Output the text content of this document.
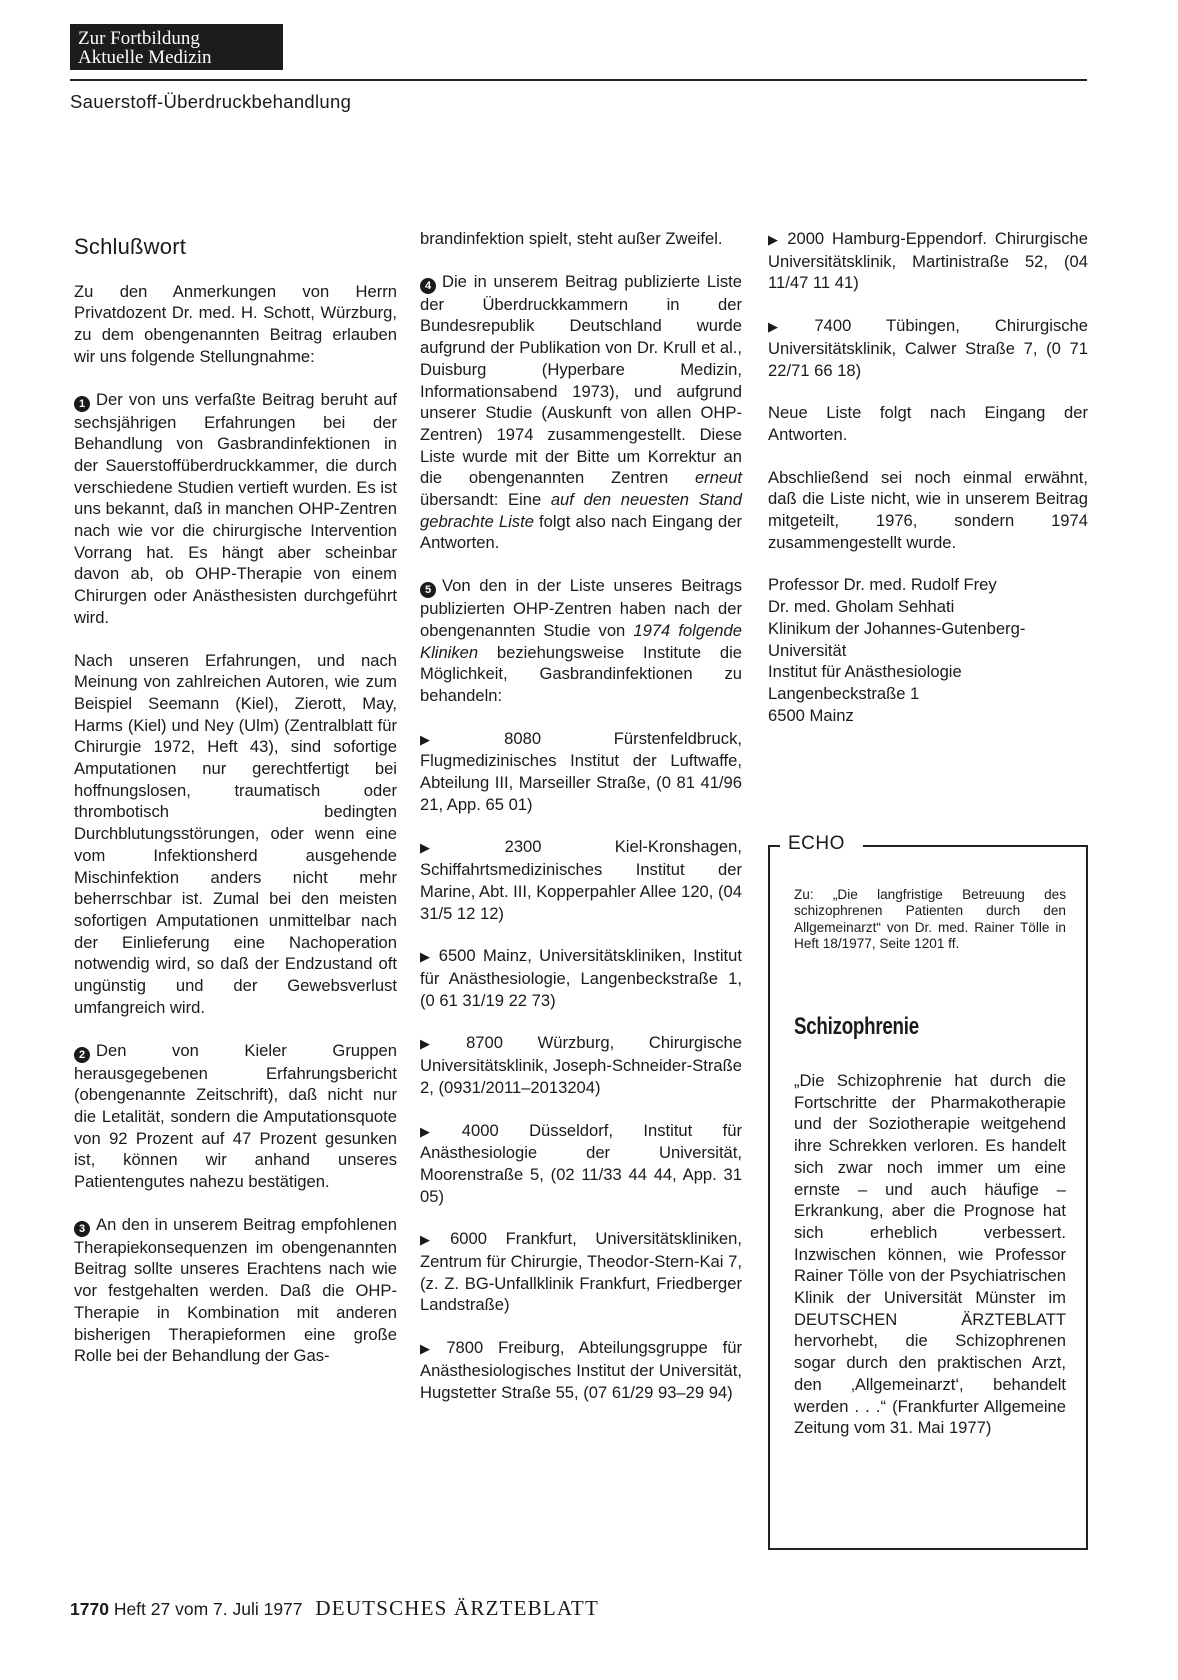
Zur Fortbildung
Aktuelle Medizin
Sauerstoff-Überdruckbehandlung
Schlußwort

Zu den Anmerkungen von Herrn Privatdozent Dr. med. H. Schott, Würzburg, zu dem obengenannten Beitrag erlauben wir uns folgende Stellungnahme:

1 Der von uns verfaßte Beitrag beruht auf sechsjährigen Erfahrungen bei der Behandlung von Gasbrandinfektionen in der Sauerstoffüberdruckkammer, die durch verschiedene Studien vertieft wurden. Es ist uns bekannt, daß in manchen OHP-Zentren nach wie vor die chirurgische Intervention Vorrang hat. Es hängt aber scheinbar davon ab, ob OHP-Therapie von einem Chirurgen oder Anästhesisten durchgeführt wird.

Nach unseren Erfahrungen, und nach Meinung von zahlreichen Autoren, wie zum Beispiel Seemann (Kiel), Zierott, May, Harms (Kiel) und Ney (Ulm) (Zentralblatt für Chirurgie 1972, Heft 43), sind sofortige Amputationen nur gerechtfertigt bei hoffnungslosen, traumatisch oder thrombotisch bedingten Durchblutungsstörungen, oder wenn eine vom Infektionsherd ausgehende Mischinfektion anders nicht mehr beherrschbar ist. Zumal bei den meisten sofortigen Amputationen unmittelbar nach der Einlieferung eine Nachoperation notwendig wird, so daß der Endzustand oft ungünstig und der Gewebsverlust umfangreich wird.

2 Den von Kieler Gruppen herausgegebenen Erfahrungsbericht (obengenannte Zeitschrift), daß nicht nur die Letalität, sondern die Amputationsquote von 92 Prozent auf 47 Prozent gesunken ist, können wir anhand unseres Patientengutes nahezu bestätigen.

3 An den in unserem Beitrag empfohlenen Therapiekonsequenzen im obengenannten Beitrag sollte unseres Erachtens nach wie vor festgehalten werden. Daß die OHP-Therapie in Kombination mit anderen bisherigen Therapieformen eine große Rolle bei der Behandlung der Gas-

brandinfektion spielt, steht außer Zweifel.

4 Die in unserem Beitrag publizierte Liste der Überdruckkammern in der Bundesrepublik Deutschland wurde aufgrund der Publikation von Dr. Krull et al., Duisburg (Hyperbare Medizin, Informationsabend 1973), und aufgrund unserer Studie (Auskunft von allen OHP-Zentren) 1974 zusammengestellt. Diese Liste wurde mit der Bitte um Korrektur an die obengenannten Zentren erneut übersandt: Eine auf den neuesten Stand gebrachte Liste folgt also nach Eingang der Antworten.

5 Von den in der Liste unseres Beitrags publizierten OHP-Zentren haben nach der obengenannten Studie von 1974 folgende Kliniken beziehungsweise Institute die Möglichkeit, Gasbrandinfektionen zu behandeln:

▶ 8080 Fürstenfeldbruck, Flugmedizinisches Institut der Luftwaffe, Abteilung III, Marseiller Straße, (0 81 41/96 21, App. 65 01)

▶ 2300 Kiel-Kronshagen, Schiffahrtsmedizinisches Institut der Marine, Abt. III, Kopperpahler Allee 120, (04 31/5 12 12)

▶ 6500 Mainz, Universitätskliniken, Institut für Anästhesiologie, Langenbeckstraße 1, (0 61 31/19 22 73)

▶ 8700 Würzburg, Chirurgische Universitätsklinik, Joseph-Schneider-Straße 2, (0931/2011–2013204)

▶ 4000 Düsseldorf, Institut für Anästhesiologie der Universität, Moorenstraße 5, (02 11/33 44 44, App. 31 05)

▶ 6000 Frankfurt, Universitätskliniken, Zentrum für Chirurgie, Theodor-Stern-Kai 7, (z. Z. BG-Unfallklinik Frankfurt, Friedberger Landstraße)

▶ 7800 Freiburg, Abteilungsgruppe für Anästhesiologisches Institut der Universität, Hugstetter Straße 55, (07 61/29 93–29 94)

▶ 2000 Hamburg-Eppendorf. Chirurgische Universitätsklinik, Martinistraße 52, (04 11/47 11 41)

▶ 7400 Tübingen, Chirurgische Universitätsklinik, Calwer Straße 7, (0 71 22/71 66 18)

Neue Liste folgt nach Eingang der Antworten.

Abschließend sei noch einmal erwähnt, daß die Liste nicht, wie in unserem Beitrag mitgeteilt, 1976, sondern 1974 zusammengestellt wurde.

Professor Dr. med. Rudolf Frey

Dr. med. Gholam Sehhati

Klinikum der Johannes-Gutenberg-Universität

Institut für Anästhesiologie

Langenbeckstraße 1

6500 Mainz

ECHO
Zu: „Die langfristige Betreuung des schizophrenen Patienten durch den Allgemeinarzt“ von Dr. med. Rainer Tölle in Heft 18/1977, Seite 1201 ff.
Schizophrenie
„Die Schizophrenie hat durch die Fortschritte der Pharmakotherapie und der Soziotherapie weitgehend ihre Schrekken verloren. Es handelt sich zwar noch immer um eine ernste – und auch häufige – Erkrankung, aber die Prognose hat sich erheblich verbessert. Inzwischen können, wie Professor Rainer Tölle von der Psychiatrischen Klinik der Universität Münster im DEUTSCHEN ÄRZTEBLATT hervorhebt, die Schizophrenen sogar durch den praktischen Arzt, den ‚Allgemeinarzt‘, behandelt werden . . .“ (Frankfurter Allgemeine Zeitung vom 31. Mai 1977)
1770 Heft 27 vom 7. Juli 1977 DEUTSCHES ÄRZTEBLATT
